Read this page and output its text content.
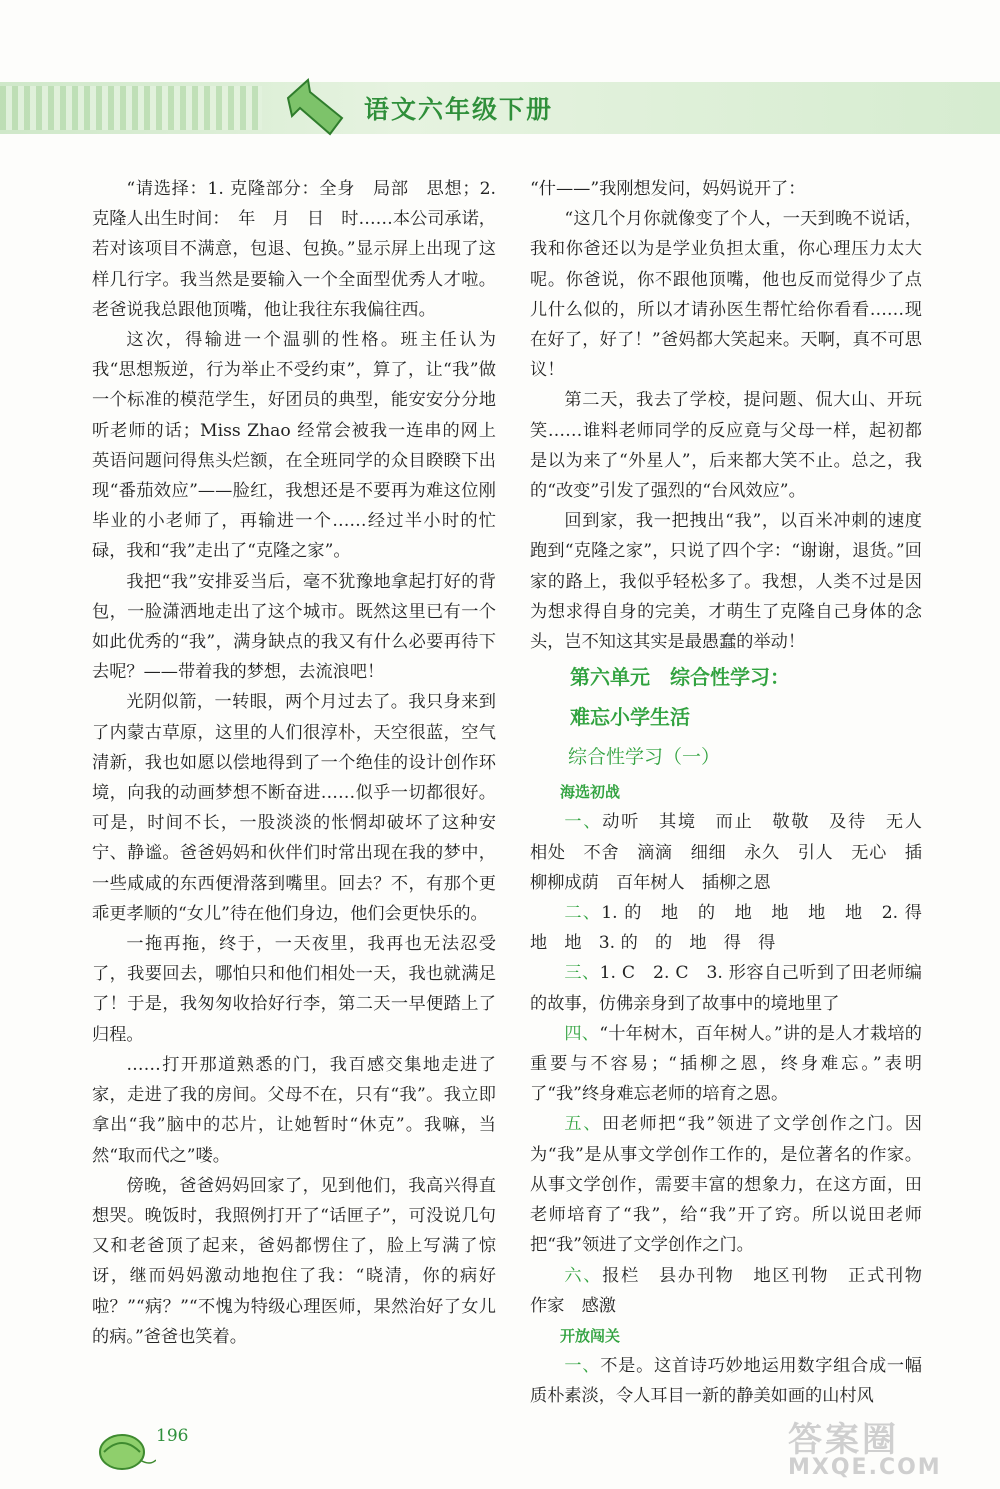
语文六年级下册

“请选择：1. 克隆部分：全身　局部　思想；2. 克隆人出生时间：　年　月　日　时……本公司承诺，若对该项目不满意，包退、包换。”显示屏上出现了这样几行字。我当然是要输入一个全面型优秀人才啦。老爸说我总跟他顶嘴，他让我往东我偏往西。

这次，得输进一个温驯的性格。班主任认为我“思想叛逆，行为举止不受约束”，算了，让“我”做一个标准的模范学生，好团员的典型，能安安分分地听老师的话；Miss Zhao 经常会被我一连串的网上英语问题问得焦头烂额，在全班同学的众目睽睽下出现“番茄效应”——脸红，我想还是不要再为难这位刚毕业的小老师了，再输进一个……经过半小时的忙碌，我和“我”走出了“克隆之家”。

我把“我”安排妥当后，毫不犹豫地拿起打好的背包，一脸潇洒地走出了这个城市。既然这里已有一个如此优秀的“我”，满身缺点的我又有什么必要再待下去呢？——带着我的梦想，去流浪吧！

光阴似箭，一转眼，两个月过去了。我只身来到了内蒙古草原，这里的人们很淳朴，天空很蓝，空气清新，我也如愿以偿地得到了一个绝佳的设计创作环境，向我的动画梦想不断奋进……似乎一切都很好。可是，时间不长，一股淡淡的怅惘却破坏了这种安宁、静谧。爸爸妈妈和伙伴们时常出现在我的梦中，一些咸咸的东西便滑落到嘴里。回去？不，有那个更乖更孝顺的“女儿”待在他们身边，他们会更快乐的。

一拖再拖，终于，一天夜里，我再也无法忍受了，我要回去，哪怕只和他们相处一天，我也就满足了！于是，我匆匆收拾好行李，第二天一早便踏上了归程。

……打开那道熟悉的门，我百感交集地走进了家，走进了我的房间。父母不在，只有“我”。我立即拿出“我”脑中的芯片，让她暂时“休克”。我嘛，当然“取而代之”喽。

傍晚，爸爸妈妈回家了，见到他们，我高兴得直想哭。晚饭时，我照例打开了“话匣子”，可没说几句又和老爸顶了起来，爸妈都愣住了，脸上写满了惊讶，继而妈妈激动地抱住了我：“晓清，你的病好啦？”“病？”“不愧为特级心理医师，果然治好了女儿的病。”爸爸也笑着。

“什——”我刚想发问，妈妈说开了：

“这几个月你就像变了个人，一天到晚不说话，我和你爸还以为是学业负担太重，你心理压力太大呢。你爸说，你不跟他顶嘴，他也反而觉得少了点儿什么似的，所以才请孙医生帮忙给你看看……现在好了，好了！”爸妈都大笑起来。天啊，真不可思议！

第二天，我去了学校，提问题、侃大山、开玩笑……谁料老师同学的反应竟与父母一样，起初都是以为来了“外星人”，后来都大笑不止。总之，我的“改变”引发了强烈的“台风效应”。

回到家，我一把拽出“我”，以百米冲刺的速度跑到“克隆之家”，只说了四个字：“谢谢，退货。”回家的路上，我似乎轻松多了。我想，人类不过是因为想求得自身的完美，才萌生了克隆自己身体的念头，岂不知这其实是最愚蠢的举动！

第六单元　综合性学习：

难忘小学生活

综合性学习（一）

海选初战

一、动听　其境　而止　敬敬　及待　无人　相处　不舍　滴滴　细细　永久　引人　无心　插柳柳成荫　百年树人　插柳之恩

二、1. 的　地　的　地　地　地　地　2. 得　地　地　3. 的　的　地　得　得

三、1. C　2. C　3. 形容自己听到了田老师编的故事，仿佛亲身到了故事中的境地里了

四、“十年树木，百年树人。”讲的是人才栽培的重要与不容易；“插柳之恩，终身难忘。”表明了“我”终身难忘老师的培育之恩。

五、田老师把“我”领进了文学创作之门。因为“我”是从事文学创作工作的，是位著名的作家。从事文学创作，需要丰富的想象力，在这方面，田老师培育了“我”，给“我”开了窍。所以说田老师把“我”领进了文学创作之门。

六、报栏　县办刊物　地区刊物　正式刊物　作家　感激

开放闯关

一、不是。这首诗巧妙地运用数字组合成一幅质朴素淡，令人耳目一新的静美如画的山村风

196	答案圈
MXQE.COM
